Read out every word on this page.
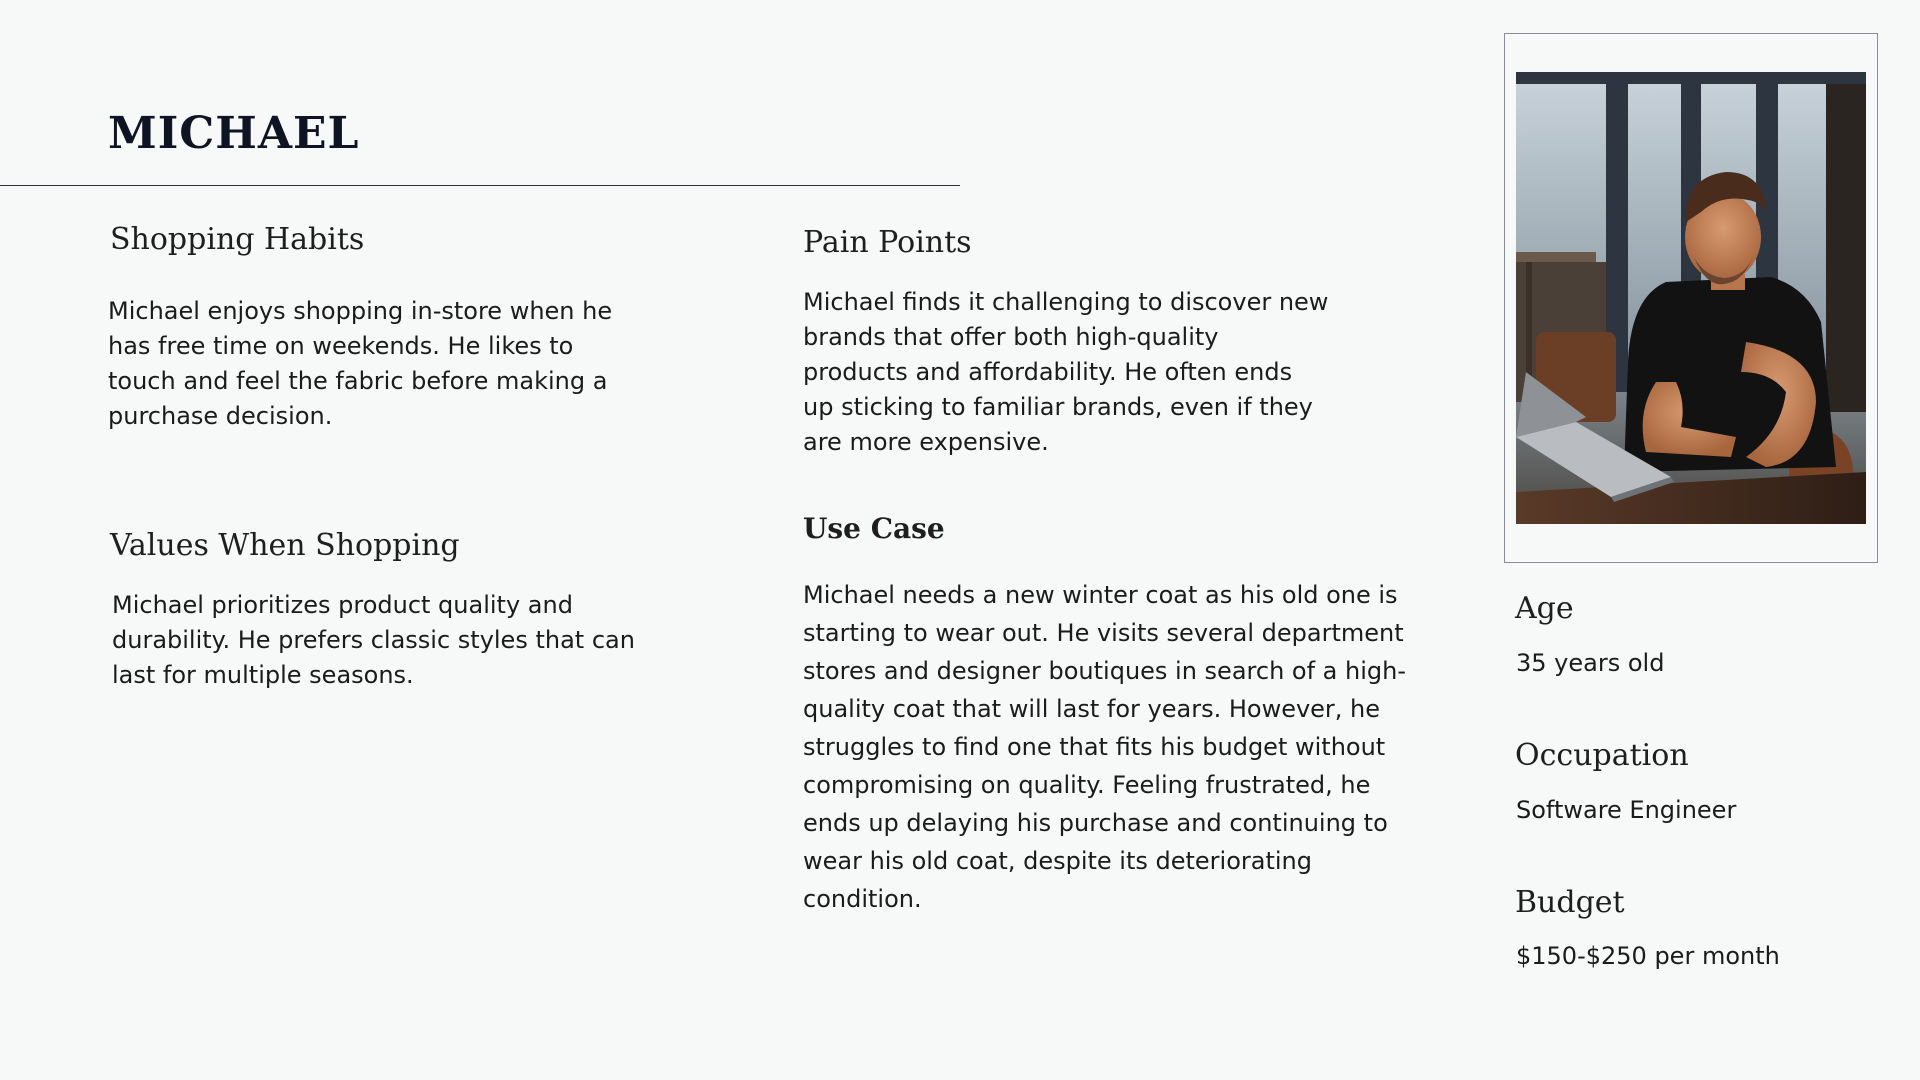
MICHAEL
Shopping Habits

Michael enjoys shopping in-store when he
has free time on weekends. He likes to
touch and feel the fabric before making a
purchase decision.

Values When Shopping

Michael prioritizes product quality and
durability. He prefers classic styles that can
last for multiple seasons.

Pain Points

Michael finds it challenging to discover new
brands that offer both high-quality
products and affordability. He often ends
up sticking to familiar brands, even if they
are more expensive.

Use Case

Michael needs a new winter coat as his old one is
starting to wear out. He visits several department
stores and designer boutiques in search of a high-
quality coat that will last for years. However, he
struggles to find one that fits his budget without
compromising on quality. Feeling frustrated, he
ends up delaying his purchase and continuing to
wear his old coat, despite its deteriorating
condition.

Age

35 years old

Occupation

Software Engineer

Budget

$150-$250 per month
